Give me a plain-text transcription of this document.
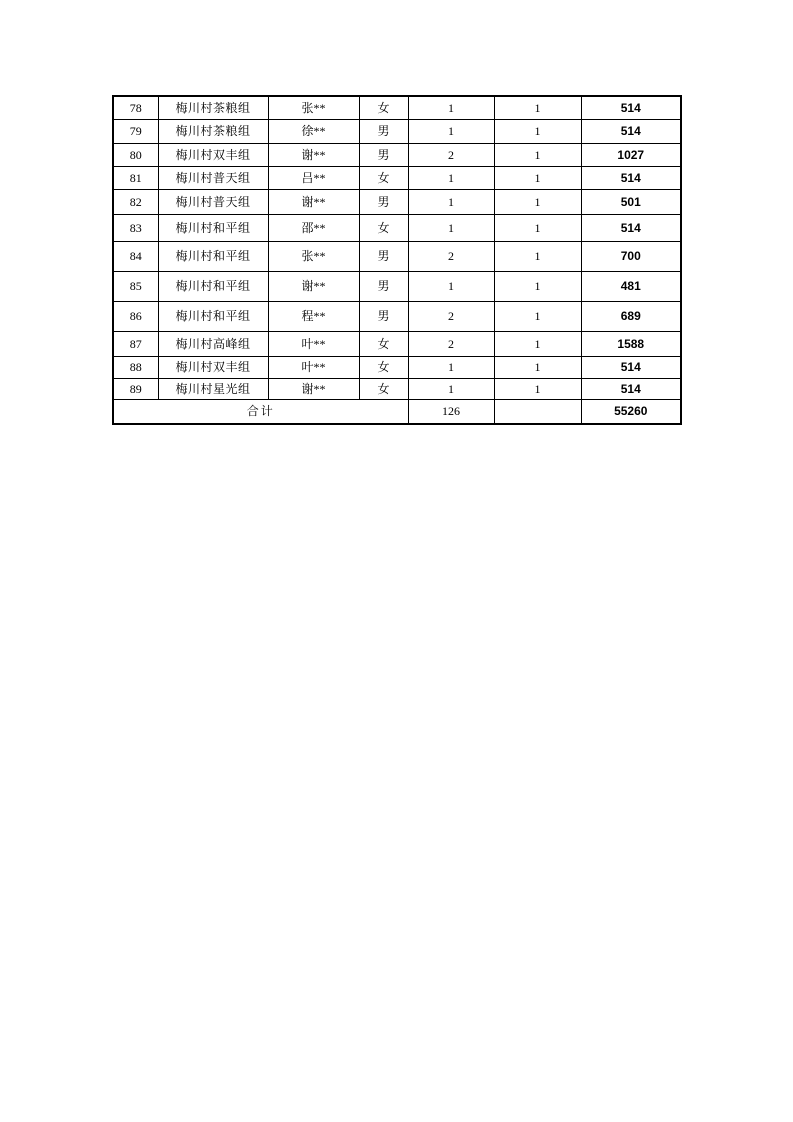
78	梅川村茶粮组	张**	女	1	1	514
79	梅川村茶粮组	徐**	男	1	1	514
80	梅川村双丰组	谢**	男	2	1	1027
81	梅川村普天组	吕**	女	1	1	514
82	梅川村普天组	谢**	男	1	1	501
83	梅川村和平组	邵**	女	1	1	514
84	梅川村和平组	张**	男	2	1	700
85	梅川村和平组	谢**	男	1	1	481
86	梅川村和平组	程**	男	2	1	689
87	梅川村高峰组	叶**	女	2	1	1588
88	梅川村双丰组	叶**	女	1	1	514
89	梅川村星光组	谢**	女	1	1	514
合计				126		55260
